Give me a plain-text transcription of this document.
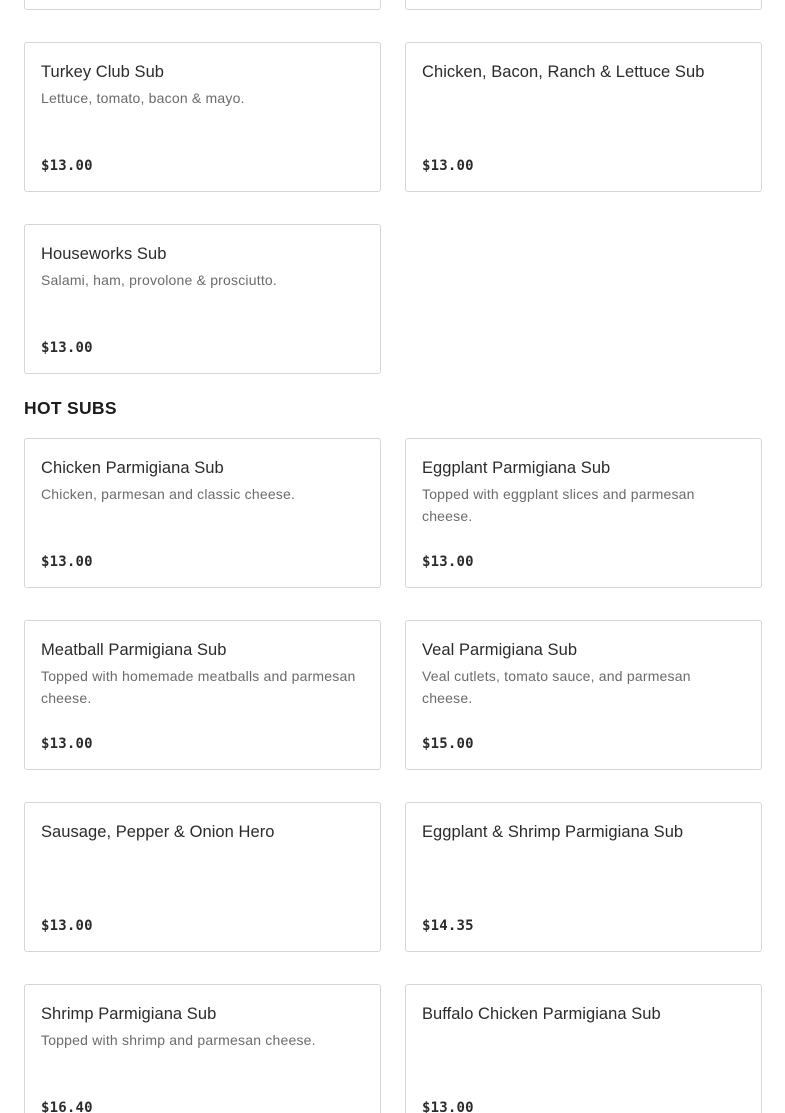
Turkey Club Sub
Lettuce, tomato, bacon & mayo.
$13.00
Chicken, Bacon, Ranch & Lettuce Sub
$13.00
Houseworks Sub
Salami, ham, provolone & prosciutto.
$13.00
HOT SUBS
Chicken Parmigiana Sub
Chicken, parmesan and classic cheese.
$13.00
Eggplant Parmigiana Sub
Topped with eggplant slices and parmesan cheese.
$13.00
Meatball Parmigiana Sub
Topped with homemade meatballs and parmesan cheese.
$13.00
Veal Parmigiana Sub
Veal cutlets, tomato sauce, and parmesan cheese.
$15.00
Sausage, Pepper & Onion Hero
$13.00
Eggplant & Shrimp Parmigiana Sub
$14.35
Shrimp Parmigiana Sub
Topped with shrimp and parmesan cheese.
$16.40
Buffalo Chicken Parmigiana Sub
$13.00
